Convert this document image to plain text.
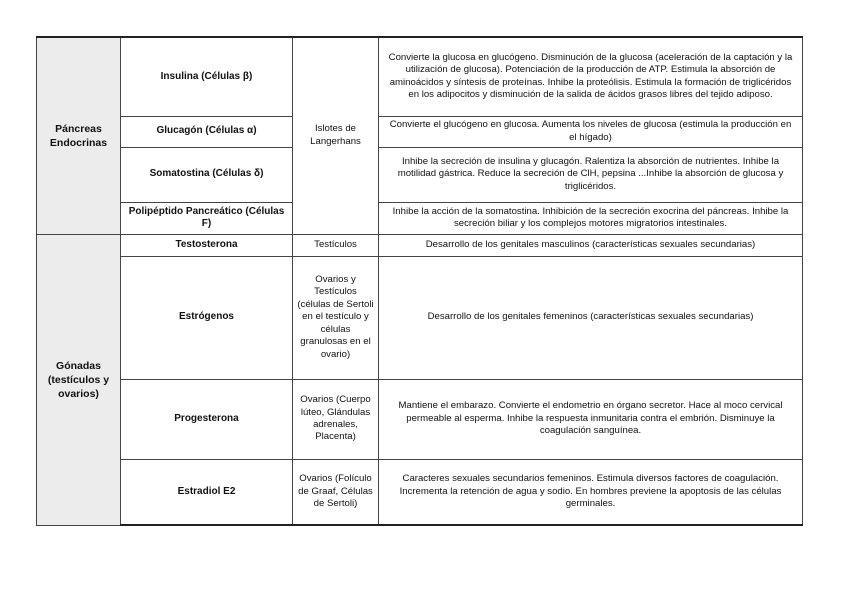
Páncreas Endocrinas	Insulina (Células β)	Islotes de Langerhans	Convierte la glucosa en glucógeno. Disminución de la glucosa (aceleración de la captación y la utilización de glucosa). Potenciación de la producción de ATP. Estimula la absorción de aminoácidos y síntesis de proteínas. Inhibe la proteólisis. Estimula la formación de triglicéridos en los adipocitos y disminución de la salida de ácidos grasos libres del tejido adiposo.
	Glucagón (Células α)		Convierte el glucógeno en glucosa. Aumenta los niveles de glucosa (estimula la producción en el hígado)
	Somatostina (Células δ)		Inhibe la secreción de insulina y glucagón. Ralentiza la absorción de nutrientes. Inhibe la motilidad gástrica. Reduce la secreción de ClH, pepsina ...Inhibe la absorción de glucosa y triglicéridos.
	Polipéptido Pancreático (Células F)		Inhibe la acción de la somatostina. Inhibición de la secreción exocrina del páncreas. Inhibe la secreción biliar y los complejos motores migratorios intestinales.
Gónadas (testículos y ovarios)	Testosterona	Testículos	Desarrollo de los genitales masculinos (características sexuales secundarias)
	Estrógenos	Ovarios y Testículos (células de Sertoli en el testículo y células granulosas en el ovario)	Desarrollo de los genitales femeninos (características sexuales secundarias)
	Progesterona	Ovarios (Cuerpo lúteo, Glándulas adrenales, Placenta)	Mantiene el embarazo. Convierte el endometrio en órgano secretor. Hace al moco cervical permeable al esperma. Inhibe la respuesta inmunitaria contra el embrión. Disminuye la coagulación sanguínea.
	Estradiol E2	Ovarios (Folículo de Graaf, Células de Sertoli)	Caracteres sexuales secundarios femeninos. Estimula diversos factores de coagulación. Incrementa la retención de agua y sodio. En hombres previene la apoptosis de las células germinales.
